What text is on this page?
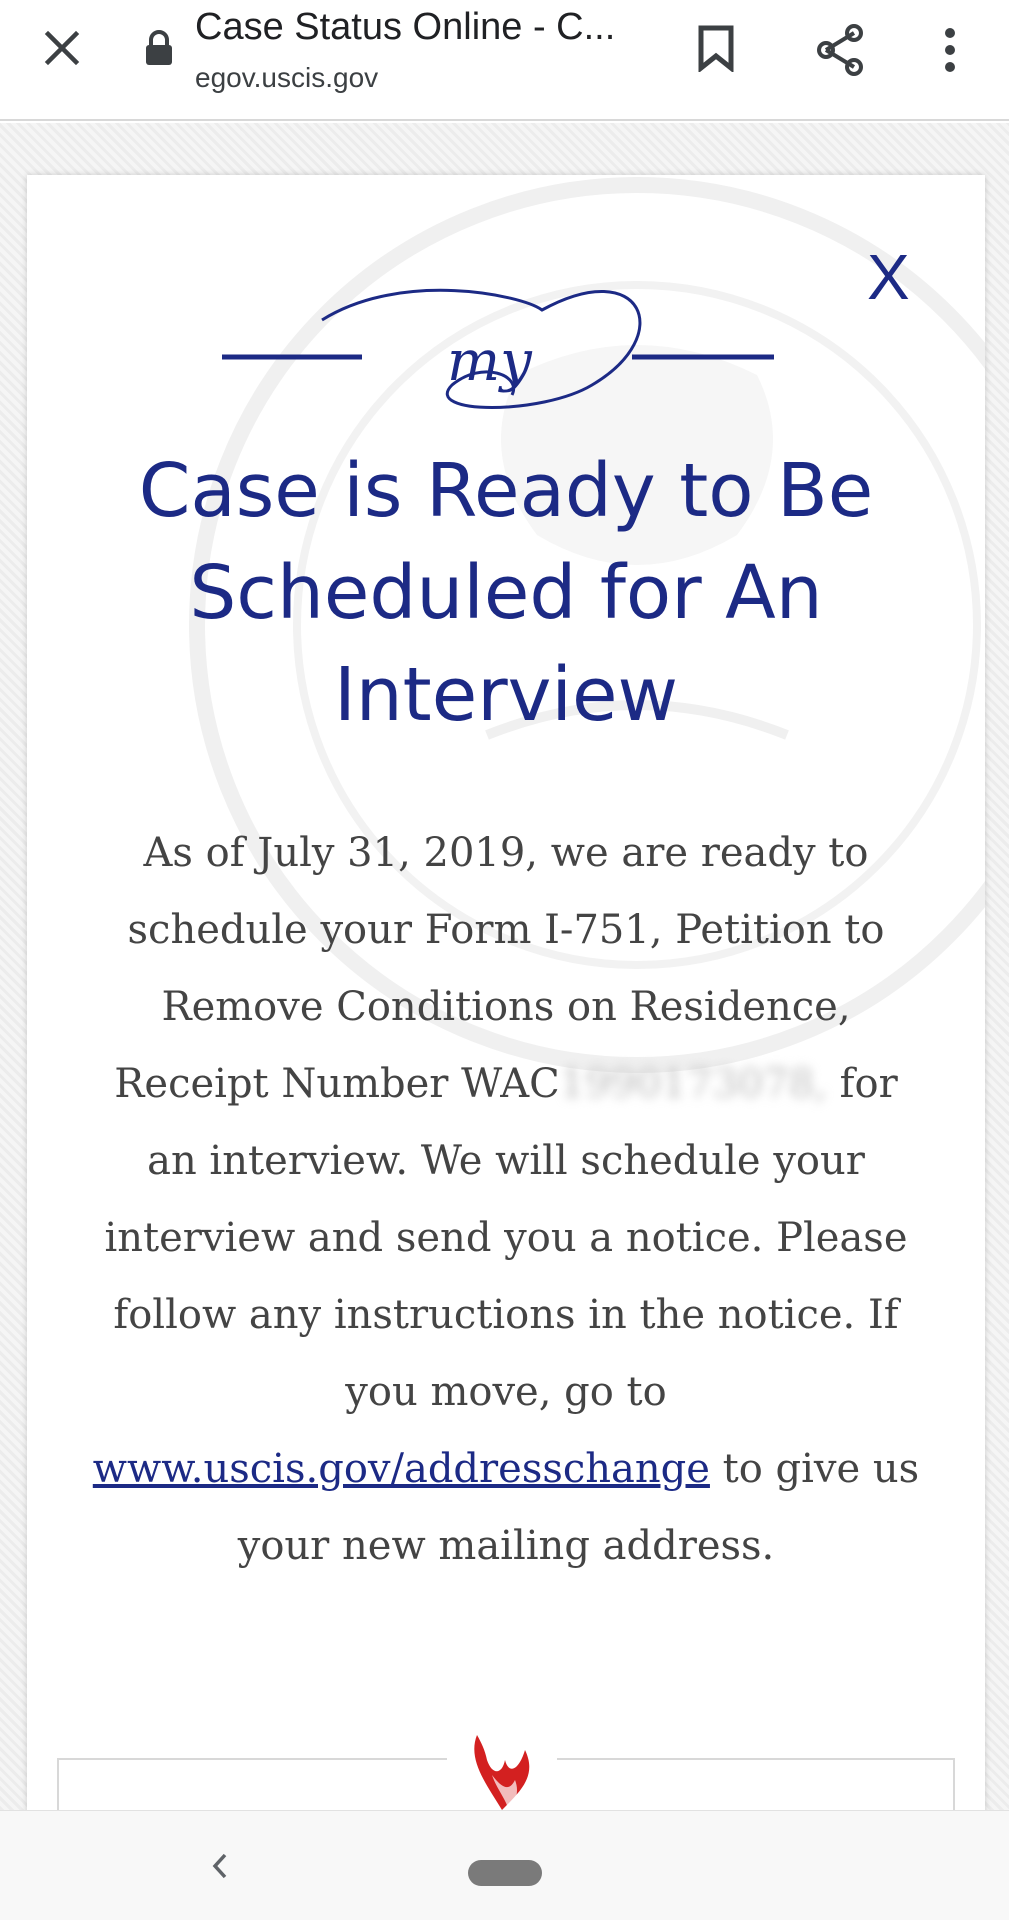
Case Status Online - C...
egov.uscis.gov
X
my
Case is Ready to Be Scheduled for An Interview
As of July 31, 2019, we are ready to schedule your Form I-751, Petition to Remove Conditions on Residence, Receipt Number WAC1990173078, for an interview. We will schedule your interview and send you a notice. Please follow any instructions in the notice. If you move, go to www.uscis.gov/addresschange to give us your new mailing address.
